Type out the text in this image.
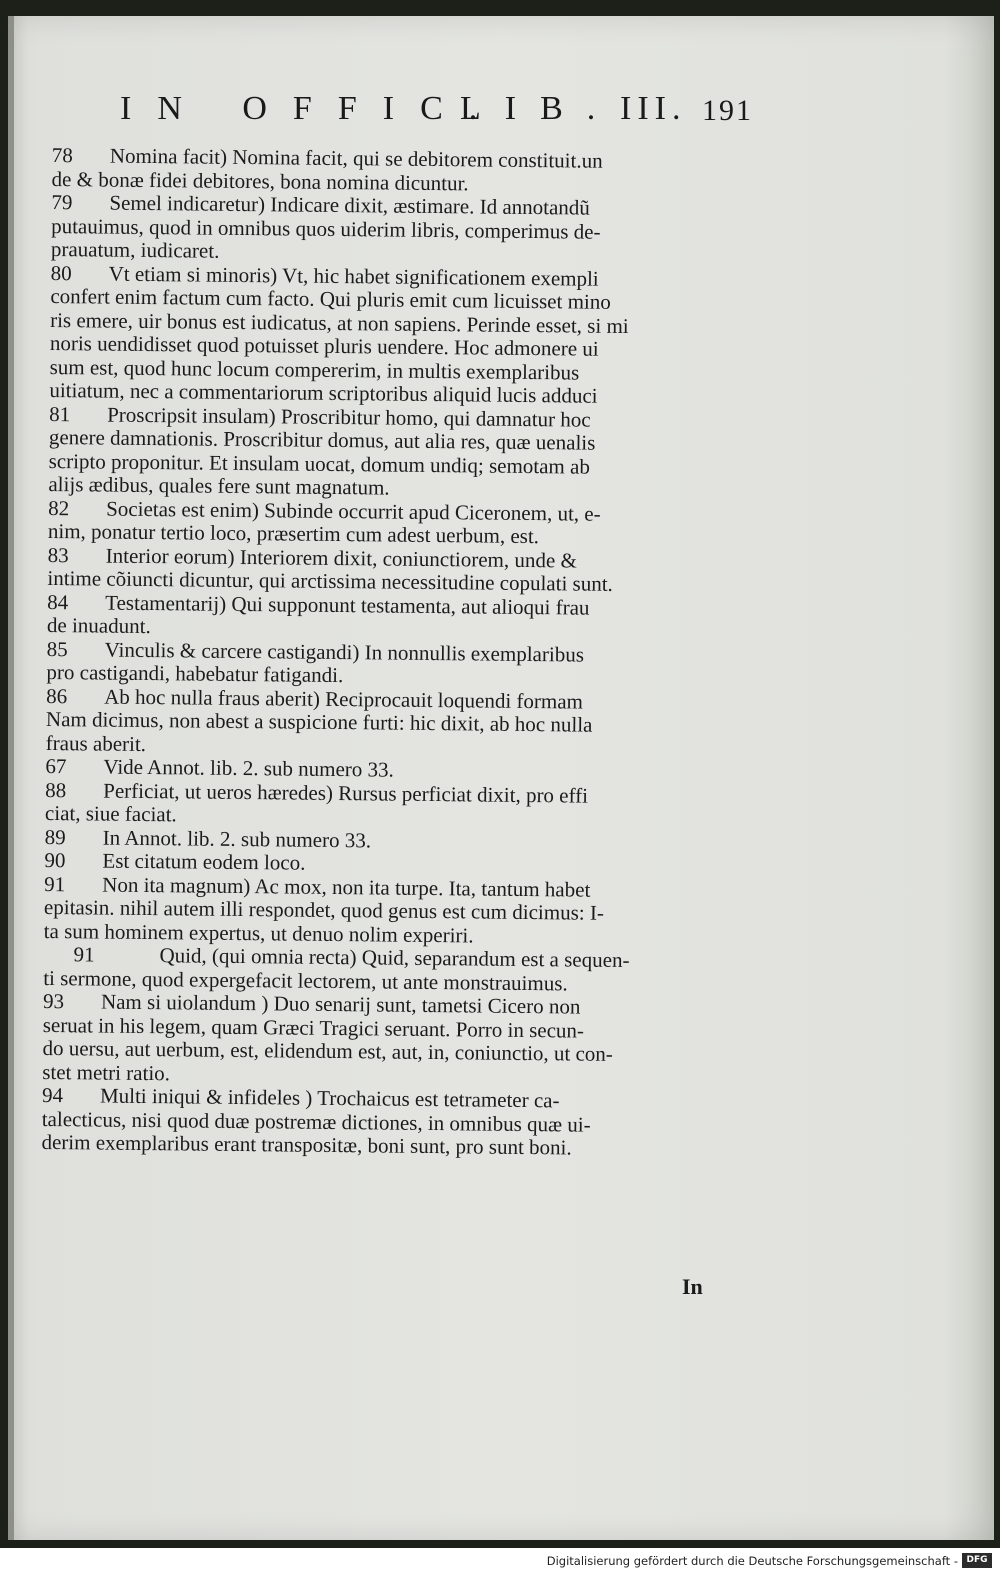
IN OFFIC.
LIB. III. 191
78 Nomina facit) Nomina facit, qui se debitorem constituit.un
de & bonæ fidei debitores, bona nomina dicuntur.
79 Semel indicaretur) Indicare dixit, æstimare. Id annotandũ
putauimus, quod in omnibus quos uiderim libris, comperimus de-
prauatum, iudicaret.
80 Vt etiam si minoris) Vt, hic habet significationem exempli
confert enim factum cum facto. Qui pluris emit cum licuisset mino
ris emere, uir bonus est iudicatus, at non sapiens. Perinde esset, si mi
noris uendidisset quod potuisset pluris uendere. Hoc admonere ui
sum est, quod hunc locum compererim, in multis exemplaribus
uitiatum, nec a commentariorum scriptoribus aliquid lucis adduci
81 Proscripsit insulam) Proscribitur homo, qui damnatur hoc
genere damnationis. Proscribitur domus, aut alia res, quæ uenalis
scripto proponitur. Et insulam uocat, domum undiq; semotam ab
alijs ædibus, quales fere sunt magnatum.
82 Societas est enim) Subinde occurrit apud Ciceronem, ut, e-
nim, ponatur tertio loco, præsertim cum adest uerbum, est.
83 Interior eorum) Interiorem dixit, coniunctiorem, unde &
intime cõiuncti dicuntur, qui arctissima necessitudine copulati sunt.
84 Testamentarij) Qui supponunt testamenta, aut alioqui frau
de inuadunt.
85 Vinculis & carcere castigandi) In nonnullis exemplaribus
pro castigandi, habebatur fatigandi.
86 Ab hoc nulla fraus aberit) Reciprocauit loquendi formam
Nam dicimus, non abest a suspicione furti: hic dixit, ab hoc nulla
fraus aberit.
67 Vide Annot. lib. 2. sub numero 33.
88 Perficiat, ut ueros hæredes) Rursus perficiat dixit, pro effi
ciat, siue faciat.
89 In Annot. lib. 2. sub numero 33.
90 Est citatum eodem loco.
91 Non ita magnum) Ac mox, non ita turpe. Ita, tantum habet
epitasin. nihil autem illi respondet, quod genus est cum dicimus: I-
ta sum hominem expertus, ut denuo nolim experiri.
91	Quid, (qui omnia recta) Quid, separandum est a sequen-
ti sermone, quod expergefacit lectorem, ut ante monstrauimus.
93 Nam si uiolandum ) Duo senarij sunt, tametsi Cicero non
seruat in his legem, quam Græci Tragici seruant. Porro in secun-
do uersu, aut uerbum, est, elidendum est, aut, in, coniunctio, ut con-
stet metri ratio.
94 Multi iniqui & infideles ) Trochaicus est tetrameter ca-
talecticus, nisi quod duæ postremæ dictiones, in omnibus quæ ui-
derim exemplaribus erant transpositæ, boni sunt, pro sunt boni.
In
Digitalisierung gefördert durch die Deutsche Forschungsgemeinschaft - DFG
